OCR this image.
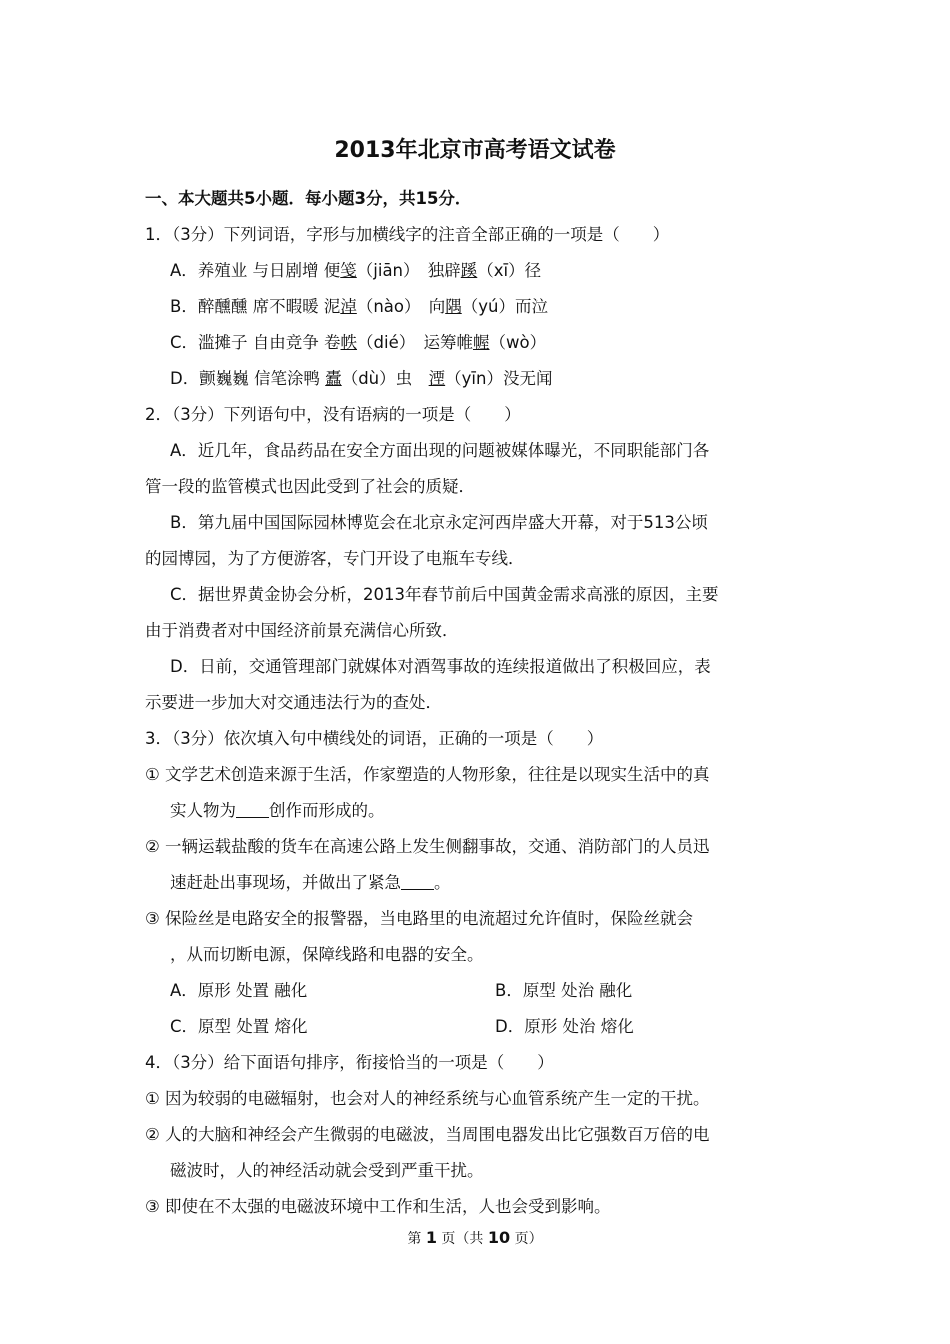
2013年北京市高考语文试卷
一、本大题共5小题．每小题3分，共15分．
1．（3分）下列词语，字形与加横线字的注音全部正确的一项是（　　）
A．养殖业 与日剧增 便笺（jiān）　独辟蹊（xī）径
B．醉醺醺 席不暇暖 泥淖（nào）　向隅（yú）而泣
C．滥摊子 自由竞争 卷帙（dié）　运筹帷幄（wò）
D．颤巍巍 信笔涂鸭 蠹（dù）虫　湮（yīn）没无闻
2．（3分）下列语句中，没有语病的一项是（　　）
A．近几年，食品药品在安全方面出现的问题被媒体曝光，不同职能部门各
管一段的监管模式也因此受到了社会的质疑．
B．第九届中国国际园林博览会在北京永定河西岸盛大开幕，对于513公顷
的园博园，为了方便游客，专门开设了电瓶车专线．
C．据世界黄金协会分析，2013年春节前后中国黄金需求高涨的原因，主要
由于消费者对中国经济前景充满信心所致．
D．日前，交通管理部门就媒体对酒驾事故的连续报道做出了积极回应，表
示要进一步加大对交通违法行为的查处．
3．（3分）依次填入句中横线处的词语，正确的一项是（　　）
① 文学艺术创造来源于生活，作家塑造的人物形象，往往是以现实生活中的真
实人物为　　 创作而形成的。
② 一辆运载盐酸的货车在高速公路上发生侧翻事故，交通、消防部门的人员迅
速赶赴出事现场，并做出了紧急　　 。
③ 保险丝是电路安全的报警器，当电路里的电流超过允许值时，保险丝就会
，从而切断电源，保障线路和电器的安全。
A．原形 处置 融化	B．原型 处治 融化
C．原型 处置 熔化	D．原形 处治 熔化
4．（3分）给下面语句排序，衔接恰当的一项是（　　）
① 因为较弱的电磁辐射，也会对人的神经系统与心血管系统产生一定的干扰。
② 人的大脑和神经会产生微弱的电磁波，当周围电器发出比它强数百万倍的电
磁波时，人的神经活动就会受到严重干扰。
③ 即使在不太强的电磁波环境中工作和生活，人也会受到影响。
第 1 页（共 10 页）
